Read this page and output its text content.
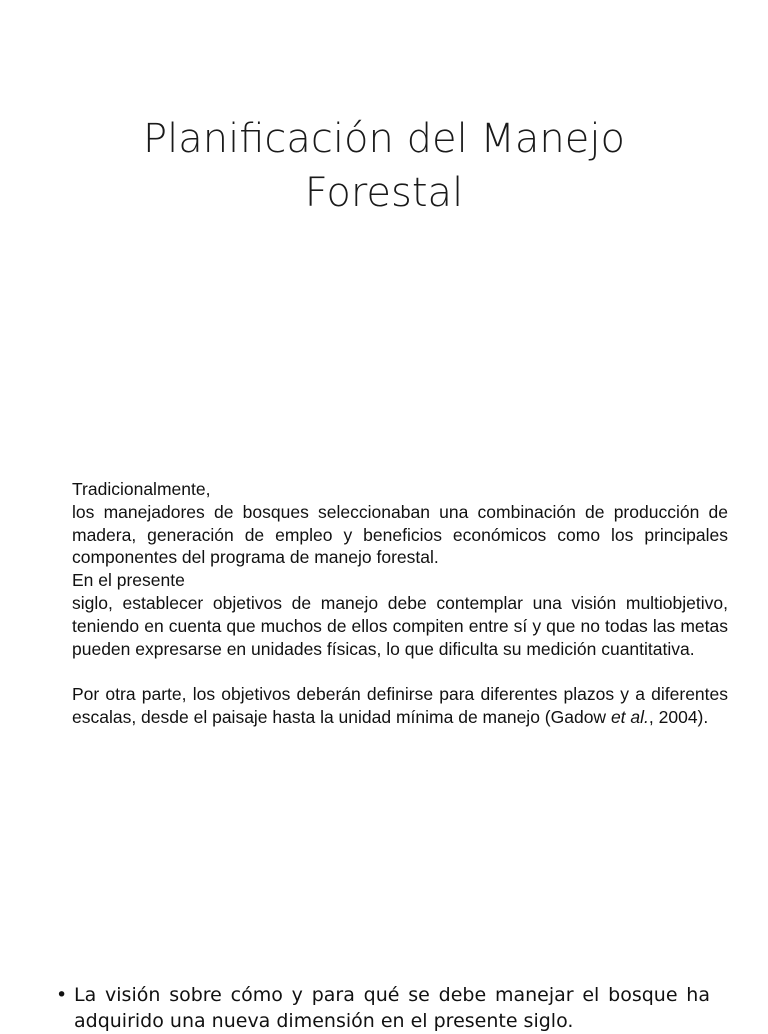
Planificación del Manejo
Forestal

Tradicionalmente,
los manejadores de bosques seleccionaban una combinación de producción de madera, generación de empleo y beneficios económicos como los principales componentes del programa de manejo forestal.

En el presente
siglo, establecer objetivos de manejo debe contemplar una visión multiobjetivo, teniendo en cuenta que muchos de ellos compiten entre sí y que no todas las metas pueden expresarse en unidades físicas, lo que dificulta su medición cuantitativa.

Por otra parte, los objetivos deberán definirse para diferentes plazos y a diferentes escalas, desde el paisaje hasta la unidad mínima de manejo (Gadow et al., 2004).

• La visión sobre cómo y para qué se debe manejar el bosque ha adquirido una nueva dimensión en el presente siglo.
